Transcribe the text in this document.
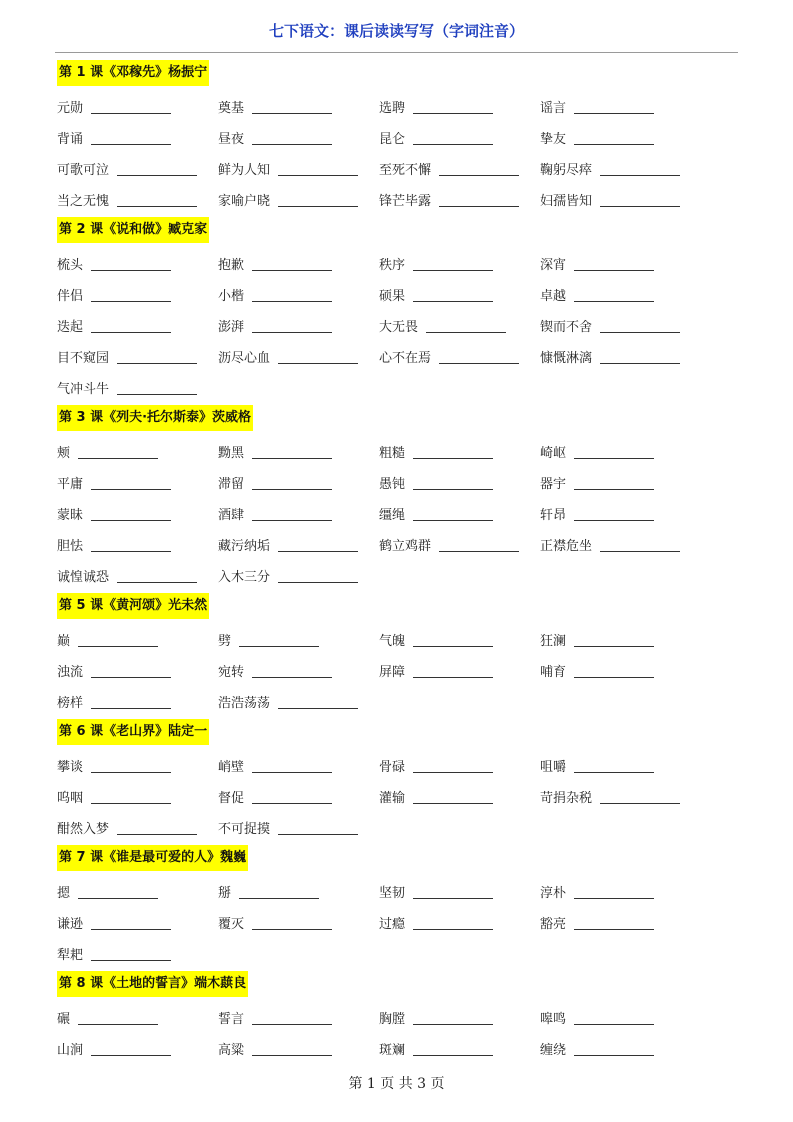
七下语文：课后读读写写（字词注音）
第 1 课《邓稼先》杨振宁
元勋	奠基	选聘	谣言
背诵	昼夜	昆仑	挚友
可歌可泣	鲜为人知	至死不懈	鞠躬尽瘁
当之无愧	家喻户晓	锋芒毕露	妇孺皆知
第 2 课《说和做》臧克家
梳头	抱歉	秩序	深宵
伴侣	小楷	硕果	卓越
迭起	澎湃	大无畏	锲而不舍
目不窥园	沥尽心血	心不在焉	慷慨淋漓
气冲斗牛
第 3 课《列夫·托尔斯泰》茨威格
颊	黝黑	粗糙	崎岖
平庸	滞留	愚钝	器宇
蒙昧	酒肆	缰绳	轩昂
胆怯	藏污纳垢	鹤立鸡群	正襟危坐
诚惶诚恐	入木三分
第 5 课《黄河颂》光未然
巅	劈	气魄	狂澜
浊流	宛转	屏障	哺育
榜样	浩浩荡荡
第 6 课《老山界》陆定一
攀谈	峭壁	骨碌	咀嚼
呜咽	督促	灌输	苛捐杂税
酣然入梦	不可捉摸
第 7 课《谁是最可爱的人》魏巍
摁	掰	坚韧	淳朴
谦逊	覆灭	过瘾	豁亮
犁耙
第 8 课《土地的誓言》端木蕻良
碾	誓言	胸膛	嗥鸣
山涧	高粱	斑斓	缠绕
第 1 页 共 3 页
